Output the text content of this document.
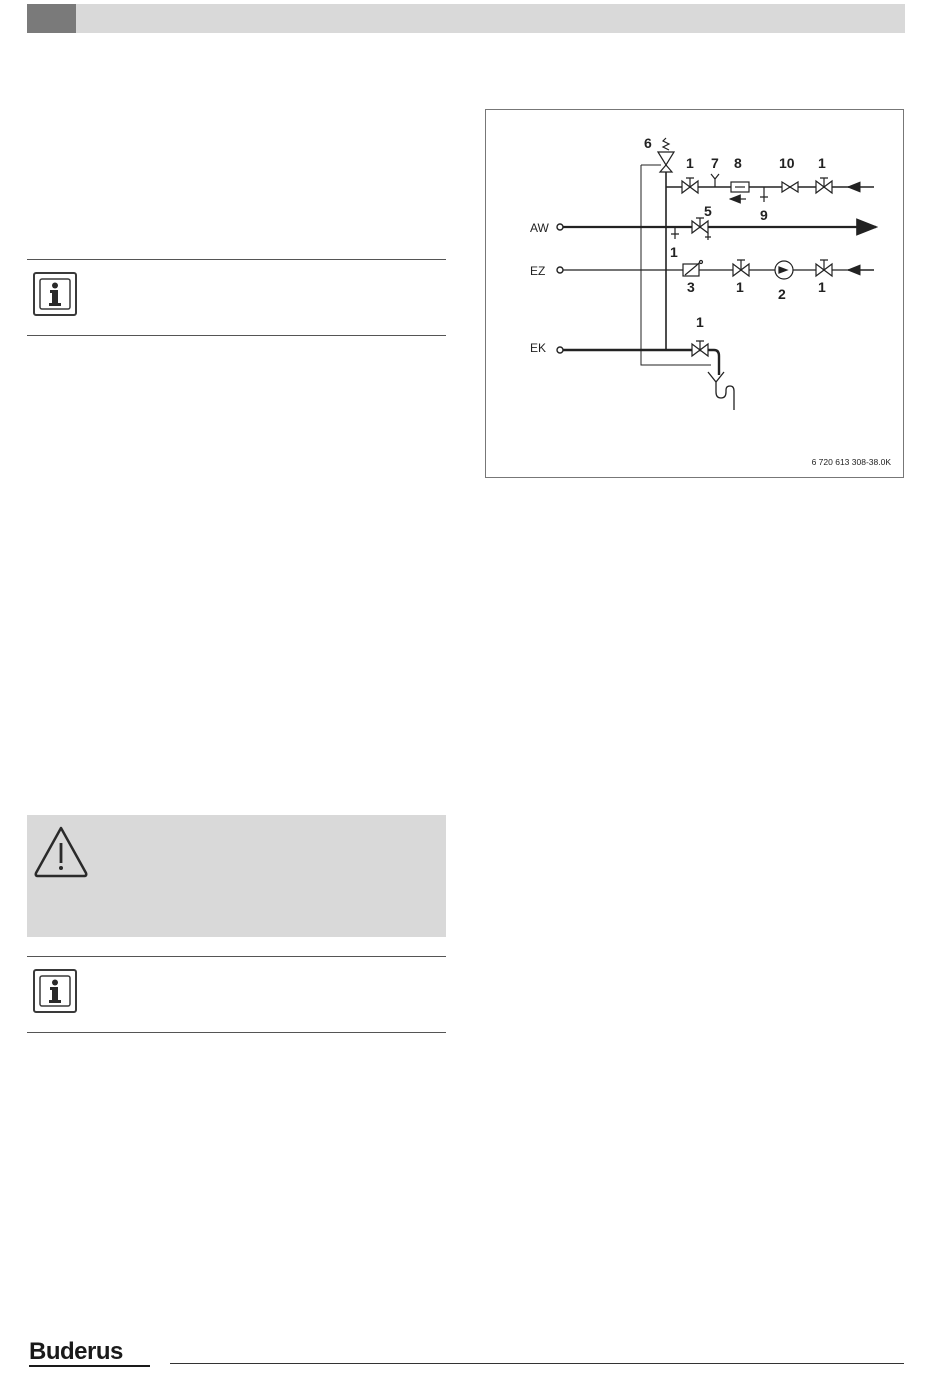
AW
EZ
EK
6
1 7 8	10 1
5	9
1
3	1 2 1
1
6 720 613 308-38.0K
Buderus
